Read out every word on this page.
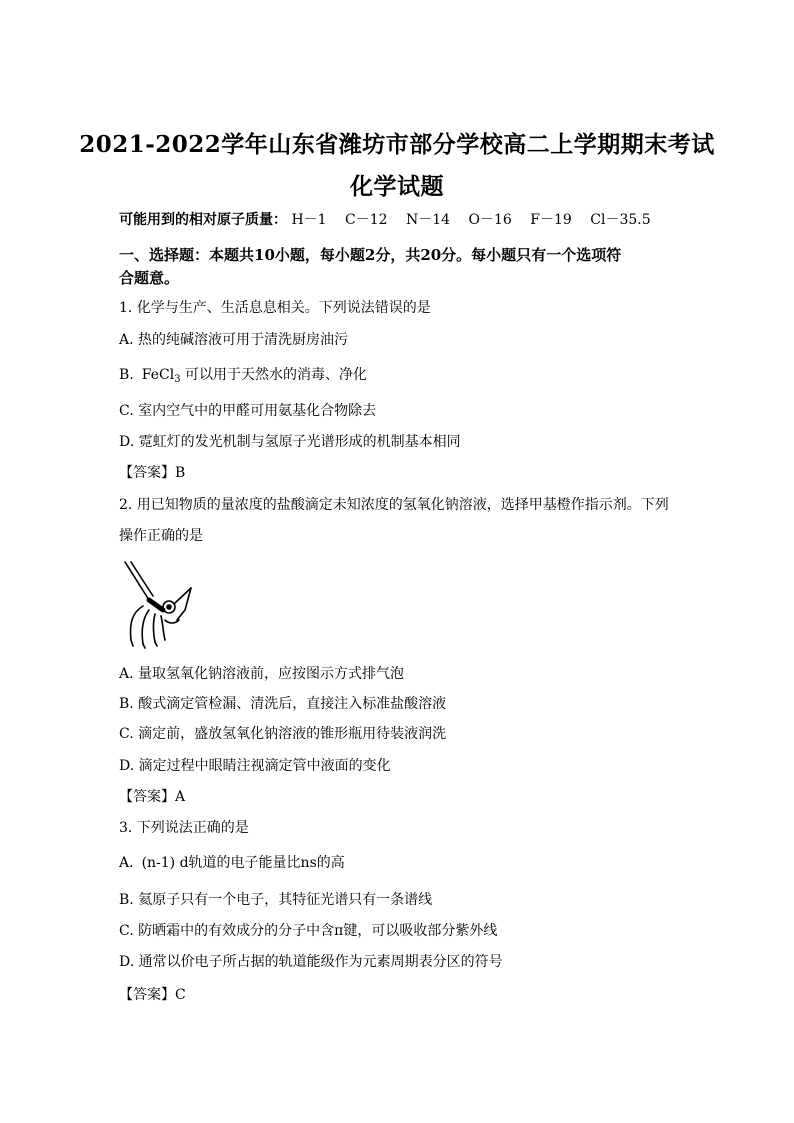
2021-2022学年山东省潍坊市部分学校高二上学期期末考试
化学试题
可能用到的相对原子质量： H－1 C－12 N－14 O－16 F－19 Cl－35.5
一、选择题：本题共10小题，每小题2分，共20分。每小题只有一个选项符
合题意。
1. 化学与生产、生活息息相关。下列说法错误的是
A. 热的纯碱溶液可用于清洗厨房油污
B. FeCl$_3$ 可以用于天然水的消毒、净化
C. 室内空气中的甲醛可用氨基化合物除去
D. 霓虹灯的发光机制与氢原子光谱形成的机制基本相同
【答案】B
2. 用已知物质的量浓度的盐酸滴定未知浓度的氢氧化钠溶液，选择甲基橙作指示剂。下列
操作正确的是
A. 量取氢氧化钠溶液前，应按图示方式排气泡
B. 酸式滴定管检漏、清洗后，直接注入标准盐酸溶液
C. 滴定前，盛放氢氧化钠溶液的锥形瓶用待装液润洗
D. 滴定过程中眼睛注视滴定管中液面的变化
【答案】A
3. 下列说法正确的是
A. (n-1) d轨道的电子能量比ns的高
B. 氦原子只有一个电子，其特征光谱只有一条谱线
C. 防晒霜中的有效成分的分子中含π键，可以吸收部分紫外线
D. 通常以价电子所占据的轨道能级作为元素周期表分区的符号
【答案】C
